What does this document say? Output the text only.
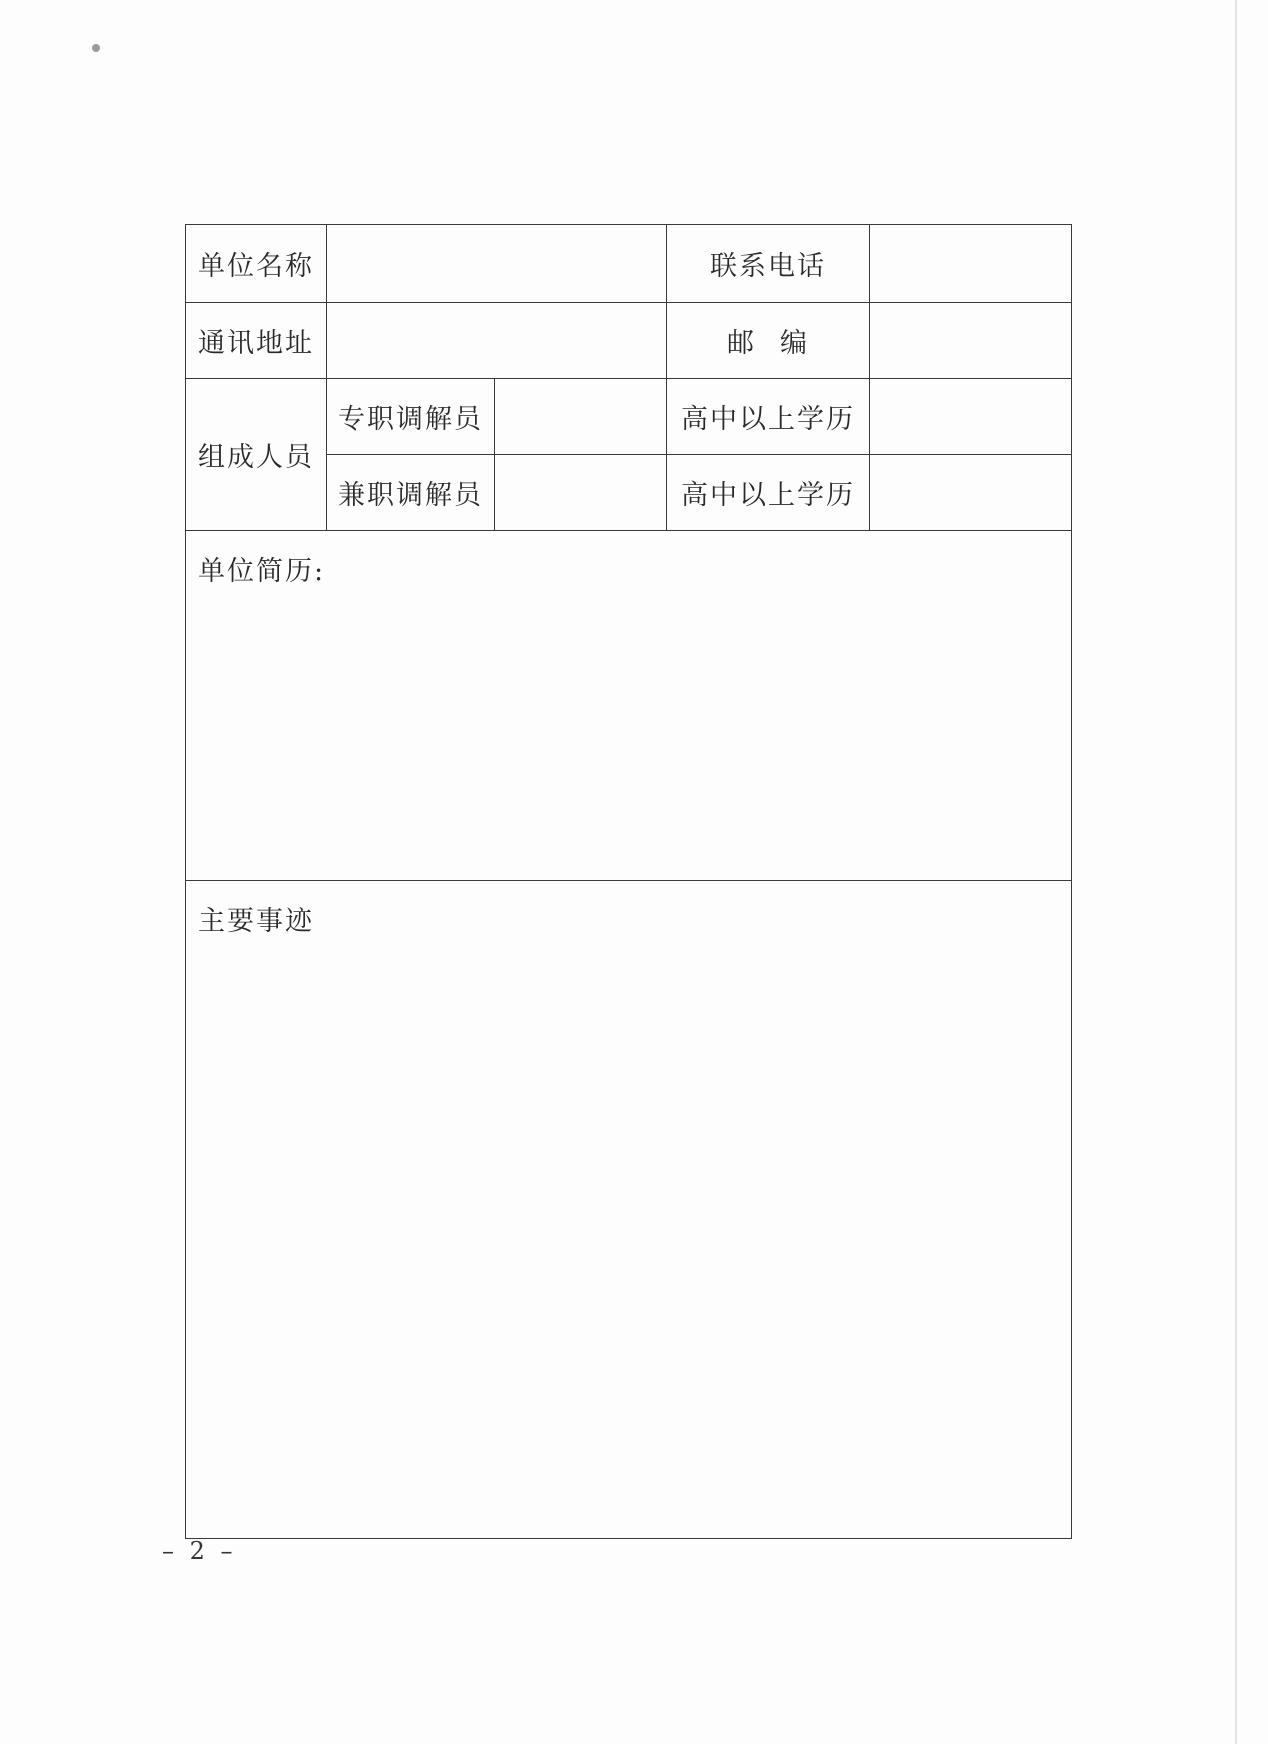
单位名称			联系电话	
通讯地址			邮 编	

组成人员	专职调解员		高中以上学历	
	兼职调解员		高中以上学历	
单位简历:				
主要事迹				
– 2 –
